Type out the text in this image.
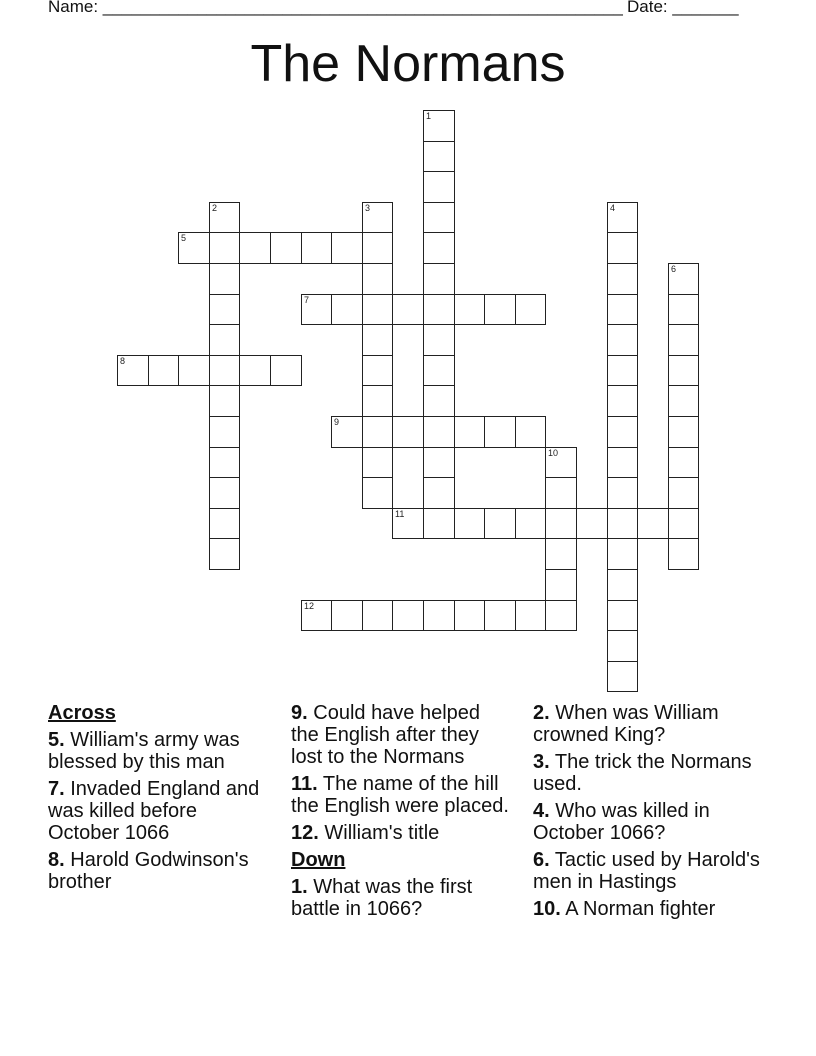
Name: _______________________________________________________ Date: _______
The Normans
1
2	3	4
5
6
7
8
9
10
11
12
Across
5. William's army was blessed by this man
7. Invaded England and was killed before October 1066
8. Harold Godwinson's brother
9. Could have helped the English after they lost to the Normans
11. The name of the hill the English were placed.
12. William's title
Down
1. What was the first battle in 1066?
2. When was William crowned King?
3. The trick the Normans used.
4. Who was killed in October 1066?
6. Tactic used by Harold's men in Hastings
10. A Norman fighter
